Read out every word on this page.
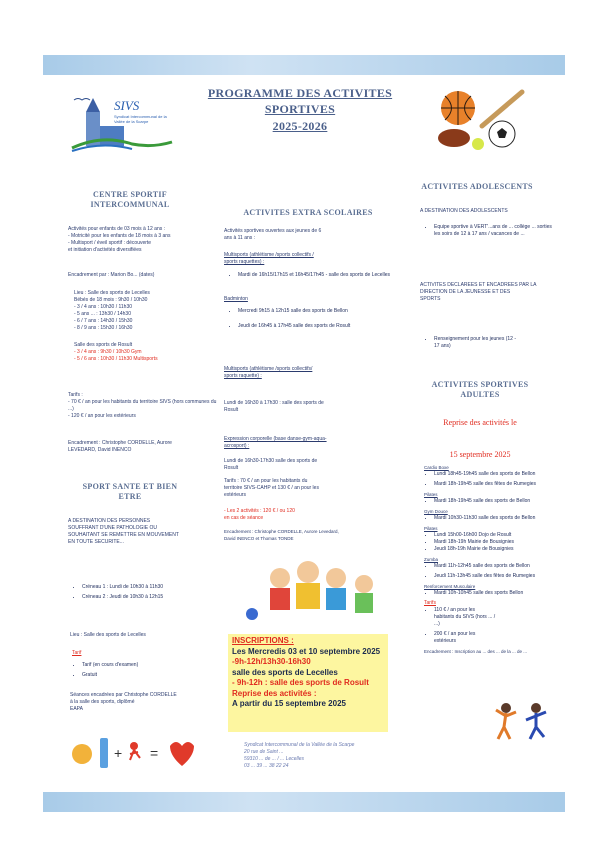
SIVS
Syndicat Intercommunal de la Vallée de la Scarpe
PROGRAMME DES ACTIVITES
SPORTIVES
2025-2026
CENTRE SPORTIF
INTERCOMMUNAL
Activités pour enfants de 03 mois à 12 ans :
- Motricité pour les enfants de 18 mois à 3 ans
- Multisport / éveil sportif : découverte
et initiation d'activités diversifiées
Encadrement par : Marion Bo... (dates)
Lieu : Salle des sports de Lecelles
Bébés de 18 mois : 9h30 / 10h30
- 3 / 4 ans : 10h30 / 11h30
- 5 ans ... : 13h30 / 14h30
- 6 / 7 ans : 14h30 / 15h30
- 8 / 9 ans : 15h30 / 16h30
Salle des sports de Rosult
- 3 / 4 ans : 9h30 / 10h30 Gym
- 5 / 6 ans : 10h30 / 11h30 Multisports
Tarifs :
- 70 € / an pour les habitants du territoire SIVS (hors communes du ...)
- 120 € / an pour les extérieurs
Encadrement : Christophe CORDELLE, Aurore
LEVEDARD, David INENCO
SPORT SANTE ET BIEN
ETRE
A DESTINATION DES PERSONNES
SOUFFRANT D'UNE PATHOLOGIE OU
SOUHAITANT SE REMETTRE EN MOUVEMENT
EN TOUTE SECURITE...
• Créneau 1 : Lundi de 10h30 à 11h30
• Créneau 2 : Jeudi de 10h30 à 12h15
Lieu : Salle des sports de Lecelles
Tarif
• Tarif (en cours d'examen)
• Gratuit
Séances encadrées par Christophe CORDELLE
à la salle des sports, diplômé
EAPA
+ =
ACTIVITES EXTRA SCOLAIRES
Activités sportives ouvertes aux jeunes de 6
ans à 11 ans :
Multisports (athlétisme /sports collectifs /
sports raquettes) :
• Mardi de 16h15/17h15 et 16h45/17h45 - salle des sports de Lecelles
Badminton
• Mercredi 9h15 à 12h15 salle des sports de Bellon
• Jeudi de 16h45 à 17h45 salle des sports de Rosult
Multisports (athlétisme /sports collectifs/
sports raquette) :
Lundi de 16h30 à 17h30 : salle des sports de
Rosult
Expression corporelle (base danse-gym-aqua-
acrosport) :
Lundi de 16h30-17h30 salle des sports de
Rosult
Tarifs : 70 € / an pour les habitants du
territoire SIVS-CAHP et 130 € / an pour les
extérieurs
- Les 2 activités : 120 € / ou 120
en cas de séance
Encadrement : Christophe CORDELLE, Aurore Levedard,
David INENCO et Thomas TONDE
INSCRIPTIONS :
Les Mercredis 03 et 10 septembre 2025
-9h-12h/13h30-16h30
salle des sports de Lecelles
- 9h-12h : salle des sports de Rosult
Reprise des activités :
A partir du 15 septembre 2025
Syndicat Intercommunal de la Vallée de la Scarpe
20 rue de Saint ...
59310 ... de ... / ... Lecelles
03 ... 39 ... 38 22 24
ACTIVITES ADOLESCENTS
A DESTINATION DES ADOLESCENTS
• Equipe sportive à VERT'...ans de ... collège ... sorties les soirs de 12 à 17 ans / vacances de ...
ACTIVITES DECLAREES ET ENCADREES PAR LA
DIRECTION DE LA JEUNESSE ET DES
SPORTS
• Renseignement pour les jeunes (12 -
17 ans)
ACTIVITES SPORTIVES
ADULTES
Reprise des activités le
15 septembre 2025
Cardio Boxe
• Lundi 18h45-19h45 salle des sports de Bellon
• Mardi 18h-19h45 salle des fêtes de Rumegies
Pilates
• Mardi 18h-19h45 salle des sports de Bellon
Gym Douce
• Mardi 10h30-11h30 salle des sports de Bellon
Pilates
• Lundi 15h00-16h00 Dojo de Rosult
• Mardi 18h-19h Mairie de Bousignies
• Jeudi 18h-19h Mairie de Bousignies
Zumba
• Mardi 11h-12h45 salle des sports de Bellon
• Jeudi 11h-13h45 salle des fêtes de Rumegies
Renforcement Musculaire
• Mardi 10h-10h45 salle des sports Bellon
Tarifs
• 110 € / an pour les habitants du SIVS (hors ... / ...)
• 200 € / an pour les extérieurs
Encadrement : Inscription au ... des ... de la ... de ...
